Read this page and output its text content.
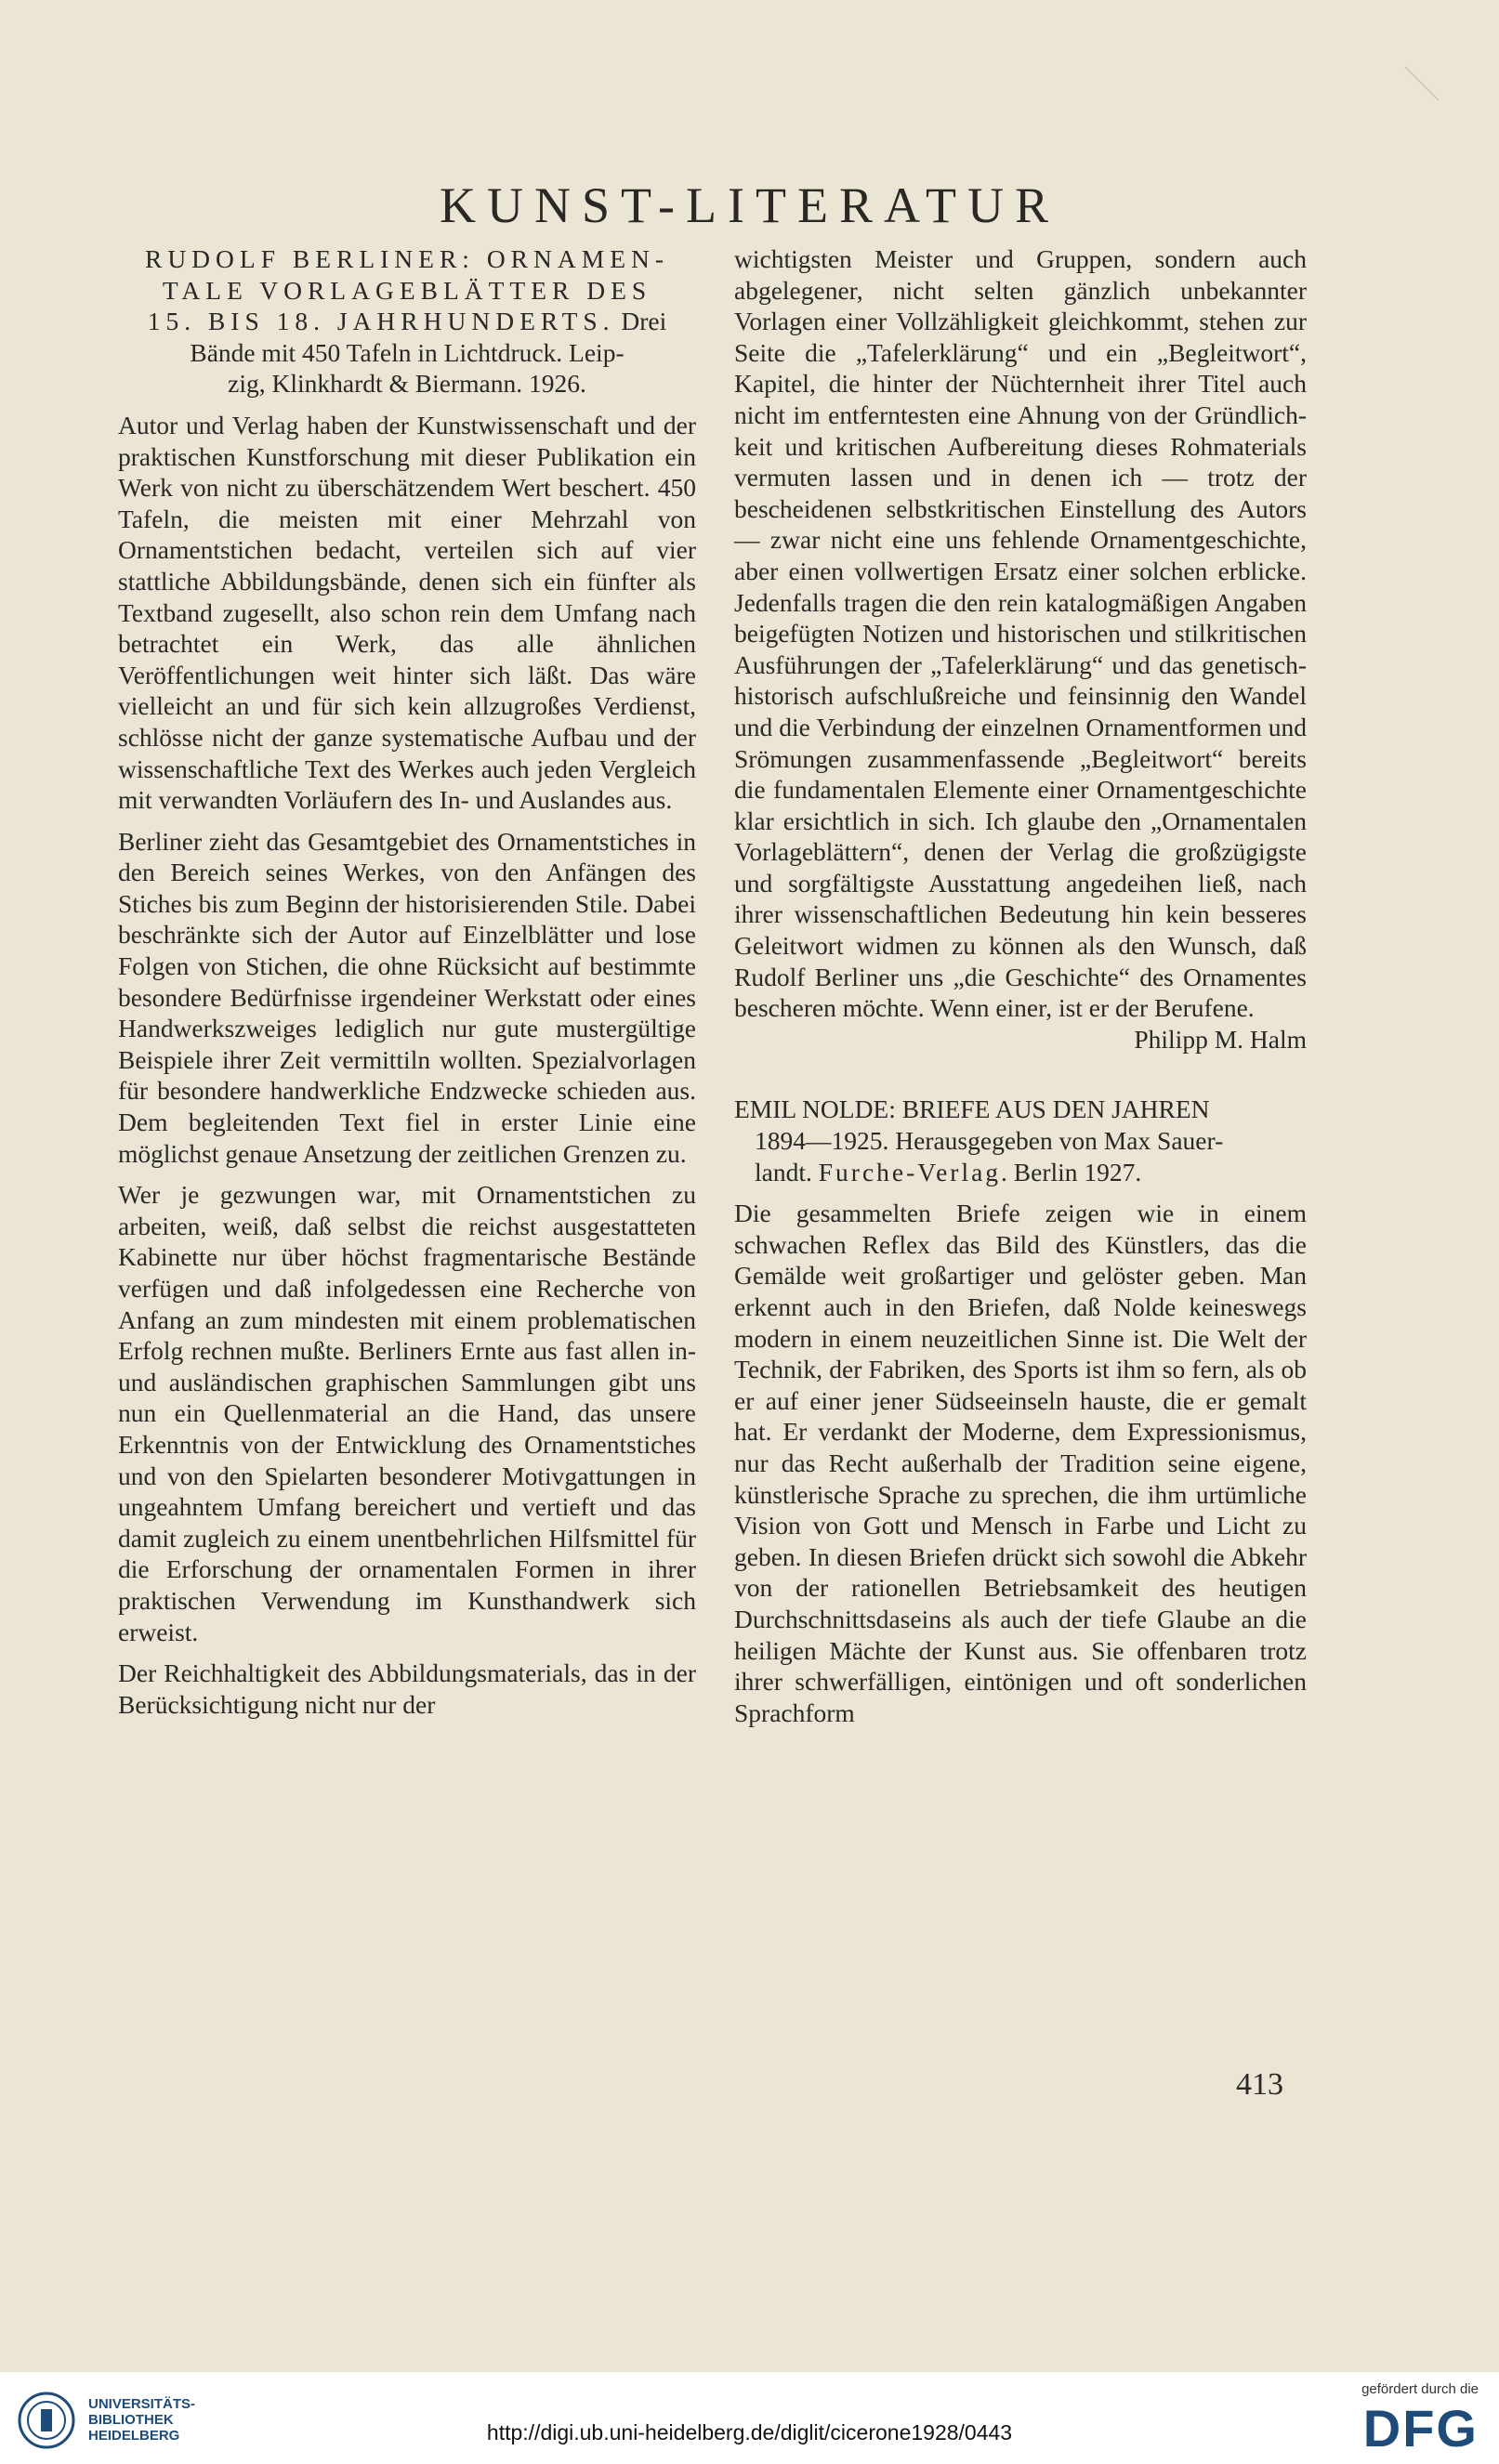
KUNST-LITERATUR
RUDOLF BERLINER: ORNAMEN-
TALE VORLAGEBLÄTTER DES
15. BIS 18. JAHRHUNDERTS. Drei
Bände mit 450 Tafeln in Lichtdruck. Leip-
zig, Klinkhardt & Biermann. 1926.

Autor und Verlag haben der Kunstwissenschaft und der praktischen Kunstforschung mit dieser Publikation ein Werk von nicht zu überschätzendem Wert beschert. 450 Tafeln, die meisten mit einer Mehrzahl von Ornamentstichen bedacht, verteilen sich auf vier stattliche Abbildungsbände, denen sich ein fünfter als Textband zugesellt, also schon rein dem Umfang nach betrachtet ein Werk, das alle ähnlichen Veröffentlichungen weit hinter sich läßt. Das wäre vielleicht an und für sich kein allzugroßes Verdienst, schlösse nicht der ganze systematische Aufbau und der wissenschaftliche Text des Werkes auch jeden Vergleich mit verwandten Vorläufern des In- und Auslandes aus.

Berliner zieht das Gesamtgebiet des Ornamentstiches in den Bereich seines Werkes, von den Anfängen des Stiches bis zum Beginn der historisierenden Stile. Dabei beschränkte sich der Autor auf Einzelblätter und lose Folgen von Stichen, die ohne Rücksicht auf bestimmte besondere Bedürfnisse irgendeiner Werkstatt oder eines Handwerkszweiges lediglich nur gute mustergültige Beispiele ihrer Zeit vermittiln wollten. Spezialvorlagen für besondere handwerkliche Endzwecke schieden aus. Dem begleitenden Text fiel in erster Linie eine möglichst genaue Ansetzung der zeitlichen Grenzen zu.

Wer je gezwungen war, mit Ornamentstichen zu arbeiten, weiß, daß selbst die reichst ausgestatteten Kabinette nur über höchst fragmentarische Bestände verfügen und daß infolgedessen eine Recherche von Anfang an zum mindesten mit einem problematischen Erfolg rechnen mußte. Berliners Ernte aus fast allen in- und ausländischen graphischen Sammlungen gibt uns nun ein Quellenmaterial an die Hand, das unsere Erkenntnis von der Entwicklung des Ornamentstiches und von den Spielarten besonderer Motivgattungen in ungeahntem Umfang bereichert und vertieft und das damit zugleich zu einem unentbehrlichen Hilfsmittel für die Erforschung der ornamentalen Formen in ihrer praktischen Verwendung im Kunsthandwerk sich erweist.

Der Reichhaltigkeit des Abbildungsmaterials, das in der Berücksichtigung nicht nur der

wichtigsten Meister und Gruppen, sondern auch abgelegener, nicht selten gänzlich unbekannter Vorlagen einer Vollzähligkeit gleichkommt, stehen zur Seite die „Tafelerklärung“ und ein „Begleitwort“, Kapitel, die hinter der Nüchternheit ihrer Titel auch nicht im entferntesten eine Ahnung von der Gründlichkeit und kritischen Aufbereitung dieses Rohmaterials vermuten lassen und in denen ich — trotz der bescheidenen selbstkritischen Einstellung des Autors — zwar nicht eine uns fehlende Ornamentgeschichte, aber einen vollwertigen Ersatz einer solchen erblicke. Jedenfalls tragen die den rein katalogmäßigen Angaben beigefügten Notizen und historischen und stilkritischen Ausführungen der „Tafelerklärung“ und das genetisch-historisch aufschlußreiche und feinsinnig den Wandel und die Verbindung der einzelnen Ornamentformen und Srömungen zusammenfassende „Begleitwort“ bereits die fundamentalen Elemente einer Ornamentgeschichte klar ersichtlich in sich. Ich glaube den „Ornamentalen Vorlageblättern“, denen der Verlag die großzügigste und sorgfältigste Ausstattung angedeihen ließ, nach ihrer wissenschaftlichen Bedeutung hin kein besseres Geleitwort widmen zu können als den Wunsch, daß Rudolf Berliner uns „die Geschichte“ des Ornamentes bescheren möchte. Wenn einer, ist er der Berufene.

Philipp M. Halm
EMIL NOLDE: BRIEFE AUS DEN JAHREN
1894—1925. Herausgegeben von Max Sauer-
landt. Furche-Verlag. Berlin 1927.

Die gesammelten Briefe zeigen wie in einem schwachen Reflex das Bild des Künstlers, das die Gemälde weit großartiger und gelöster geben. Man erkennt auch in den Briefen, daß Nolde keineswegs modern in einem neuzeitlichen Sinne ist. Die Welt der Technik, der Fabriken, des Sports ist ihm so fern, als ob er auf einer jener Südseeinseln hauste, die er gemalt hat. Er verdankt der Moderne, dem Expressionismus, nur das Recht außerhalb der Tradition seine eigene, künstlerische Sprache zu sprechen, die ihm urtümliche Vision von Gott und Mensch in Farbe und Licht zu geben. In diesen Briefen drückt sich sowohl die Abkehr von der rationellen Betriebsamkeit des heutigen Durchschnittsdaseins als auch der tiefe Glaube an die heiligen Mächte der Kunst aus. Sie offenbaren trotz ihrer schwerfälligen, eintönigen und oft sonderlichen Sprachform

413
UNIVERSITÄTS-
BIBLIOTHEK
HEIDELBERG	http://digi.ub.uni-heidelberg.de/diglit/cicerone1928/0443
gefördert durch die
DFG
